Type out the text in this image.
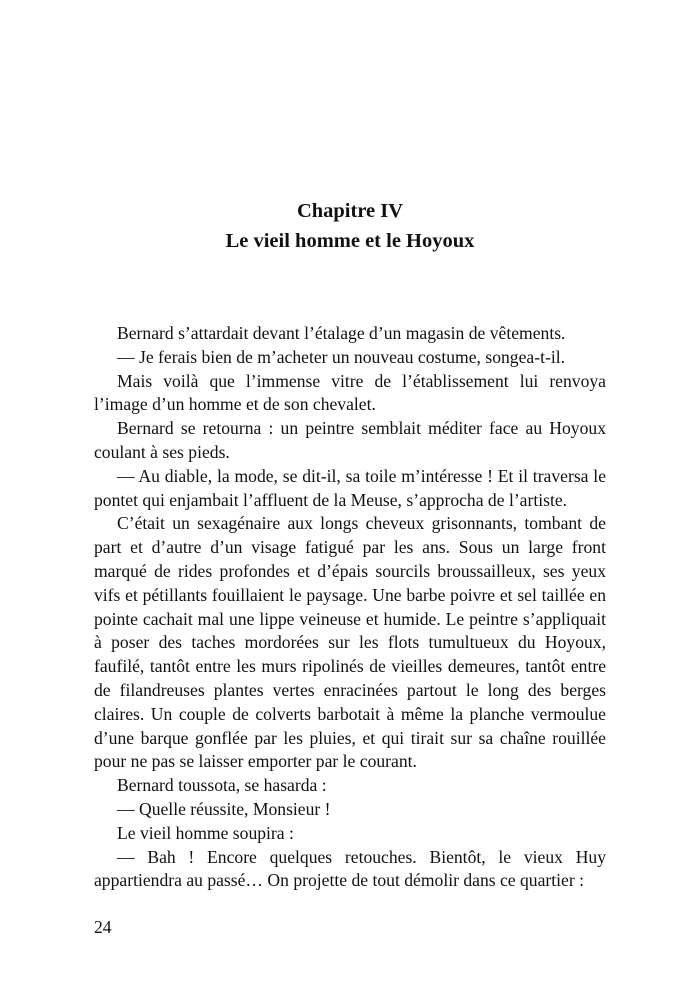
Chapitre IV
Le vieil homme et le Hoyoux

Bernard s’attardait devant l’étalage d’un magasin de vêtements.

— Je ferais bien de m’acheter un nouveau costume, songea-t-il.

Mais voilà que l’immense vitre de l’établissement lui renvoya l’image d’un homme et de son chevalet.

Bernard se retourna : un peintre semblait méditer face au Hoyoux coulant à ses pieds.

— Au diable, la mode, se dit-il, sa toile m’intéresse ! Et il traversa le pontet qui enjambait l’affluent de la Meuse, s’approcha de l’artiste.

C’était un sexagénaire aux longs cheveux grisonnants, tombant de part et d’autre d’un visage fatigué par les ans. Sous un large front marqué de rides profondes et d’épais sourcils broussailleux, ses yeux vifs et pétillants fouillaient le paysage. Une barbe poivre et sel taillée en pointe cachait mal une lippe veineuse et humide. Le peintre s’appliquait à poser des taches mordorées sur les flots tumultueux du Hoyoux, faufilé, tantôt entre les murs ripolinés de vieilles demeures, tantôt entre de filandreuses plantes vertes enracinées partout le long des berges claires. Un couple de colverts barbotait à même la planche vermoulue d’une barque gonflée par les pluies, et qui tirait sur sa chaîne rouillée pour ne pas se laisser emporter par le courant.

Bernard toussota, se hasarda :

— Quelle réussite, Monsieur !

Le vieil homme soupira :

— Bah ! Encore quelques retouches. Bientôt, le vieux Huy appartiendra au passé… On projette de tout démolir dans ce quartier :

24
